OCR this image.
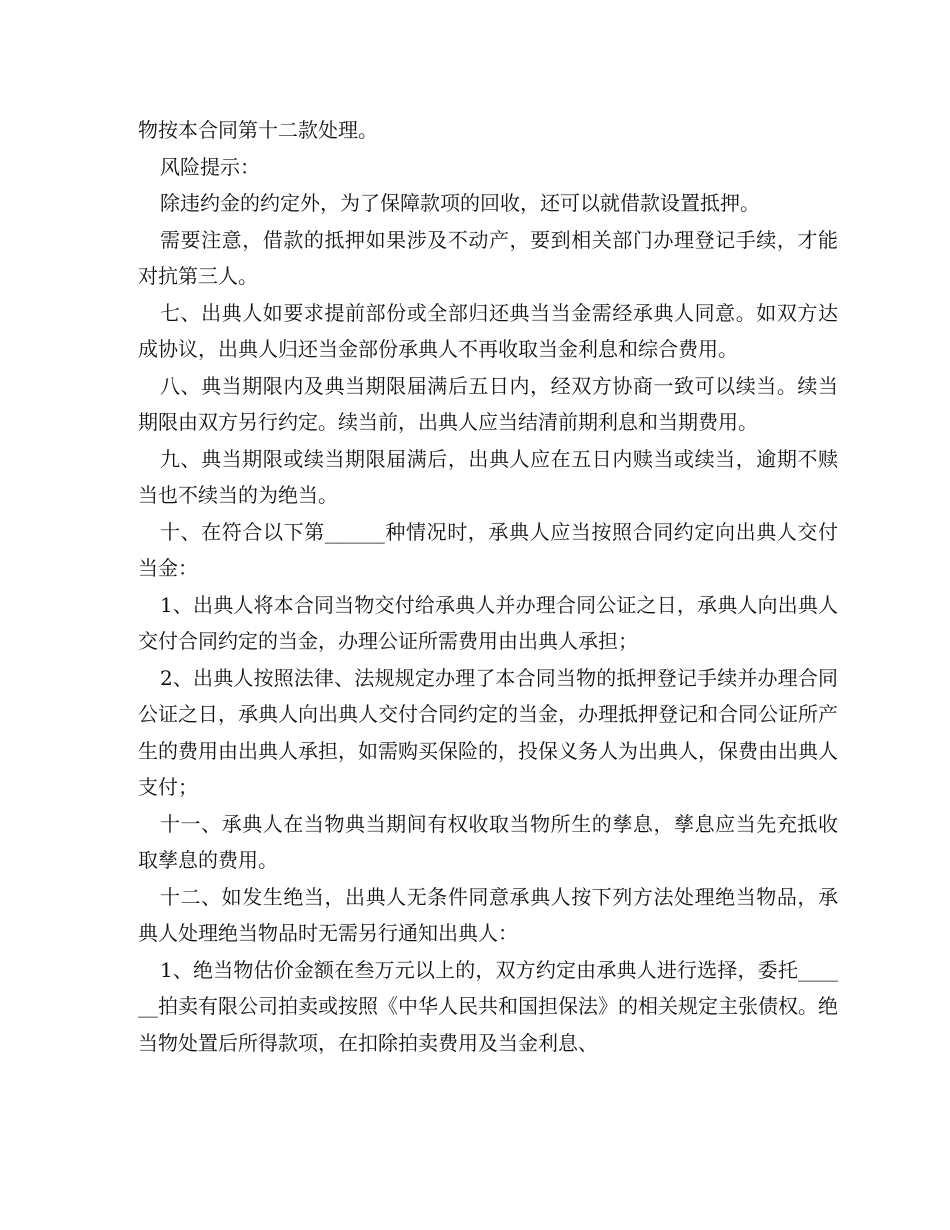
物按本合同第十二款处理。

风险提示：

除违约金的约定外，为了保障款项的回收，还可以就借款设置抵押。

需要注意，借款的抵押如果涉及不动产，要到相关部门办理登记手续，才能对抗第三人。

七、出典人如要求提前部份或全部归还典当当金需经承典人同意。如双方达成协议，出典人归还当金部份承典人不再收取当金利息和综合费用。

八、典当期限内及典当期限届满后五日内，经双方协商一致可以续当。续当期限由双方另行约定。续当前，出典人应当结清前期利息和当期费用。

九、典当期限或续当期限届满后，出典人应在五日内赎当或续当，逾期不赎当也不续当的为绝当。

十、在符合以下第______种情况时，承典人应当按照合同约定向出典人交付当金：

1、出典人将本合同当物交付给承典人并办理合同公证之日，承典人向出典人交付合同约定的当金，办理公证所需费用由出典人承担；

2、出典人按照法律、法规规定办理了本合同当物的抵押登记手续并办理合同公证之日，承典人向出典人交付合同约定的当金，办理抵押登记和合同公证所产生的费用由出典人承担，如需购买保险的，投保义务人为出典人，保费由出典人支付；

十一、承典人在当物典当期间有权收取当物所生的孳息，孳息应当先充抵收取孳息的费用。

十二、如发生绝当，出典人无条件同意承典人按下列方法处理绝当物品，承典人处理绝当物品时无需另行通知出典人：

1、绝当物估价金额在叁万元以上的，双方约定由承典人进行选择，委托______拍卖有限公司拍卖或按照《中华人民共和国担保法》的相关规定主张债权。绝当物处置后所得款项，在扣除拍卖费用及当金利息、
